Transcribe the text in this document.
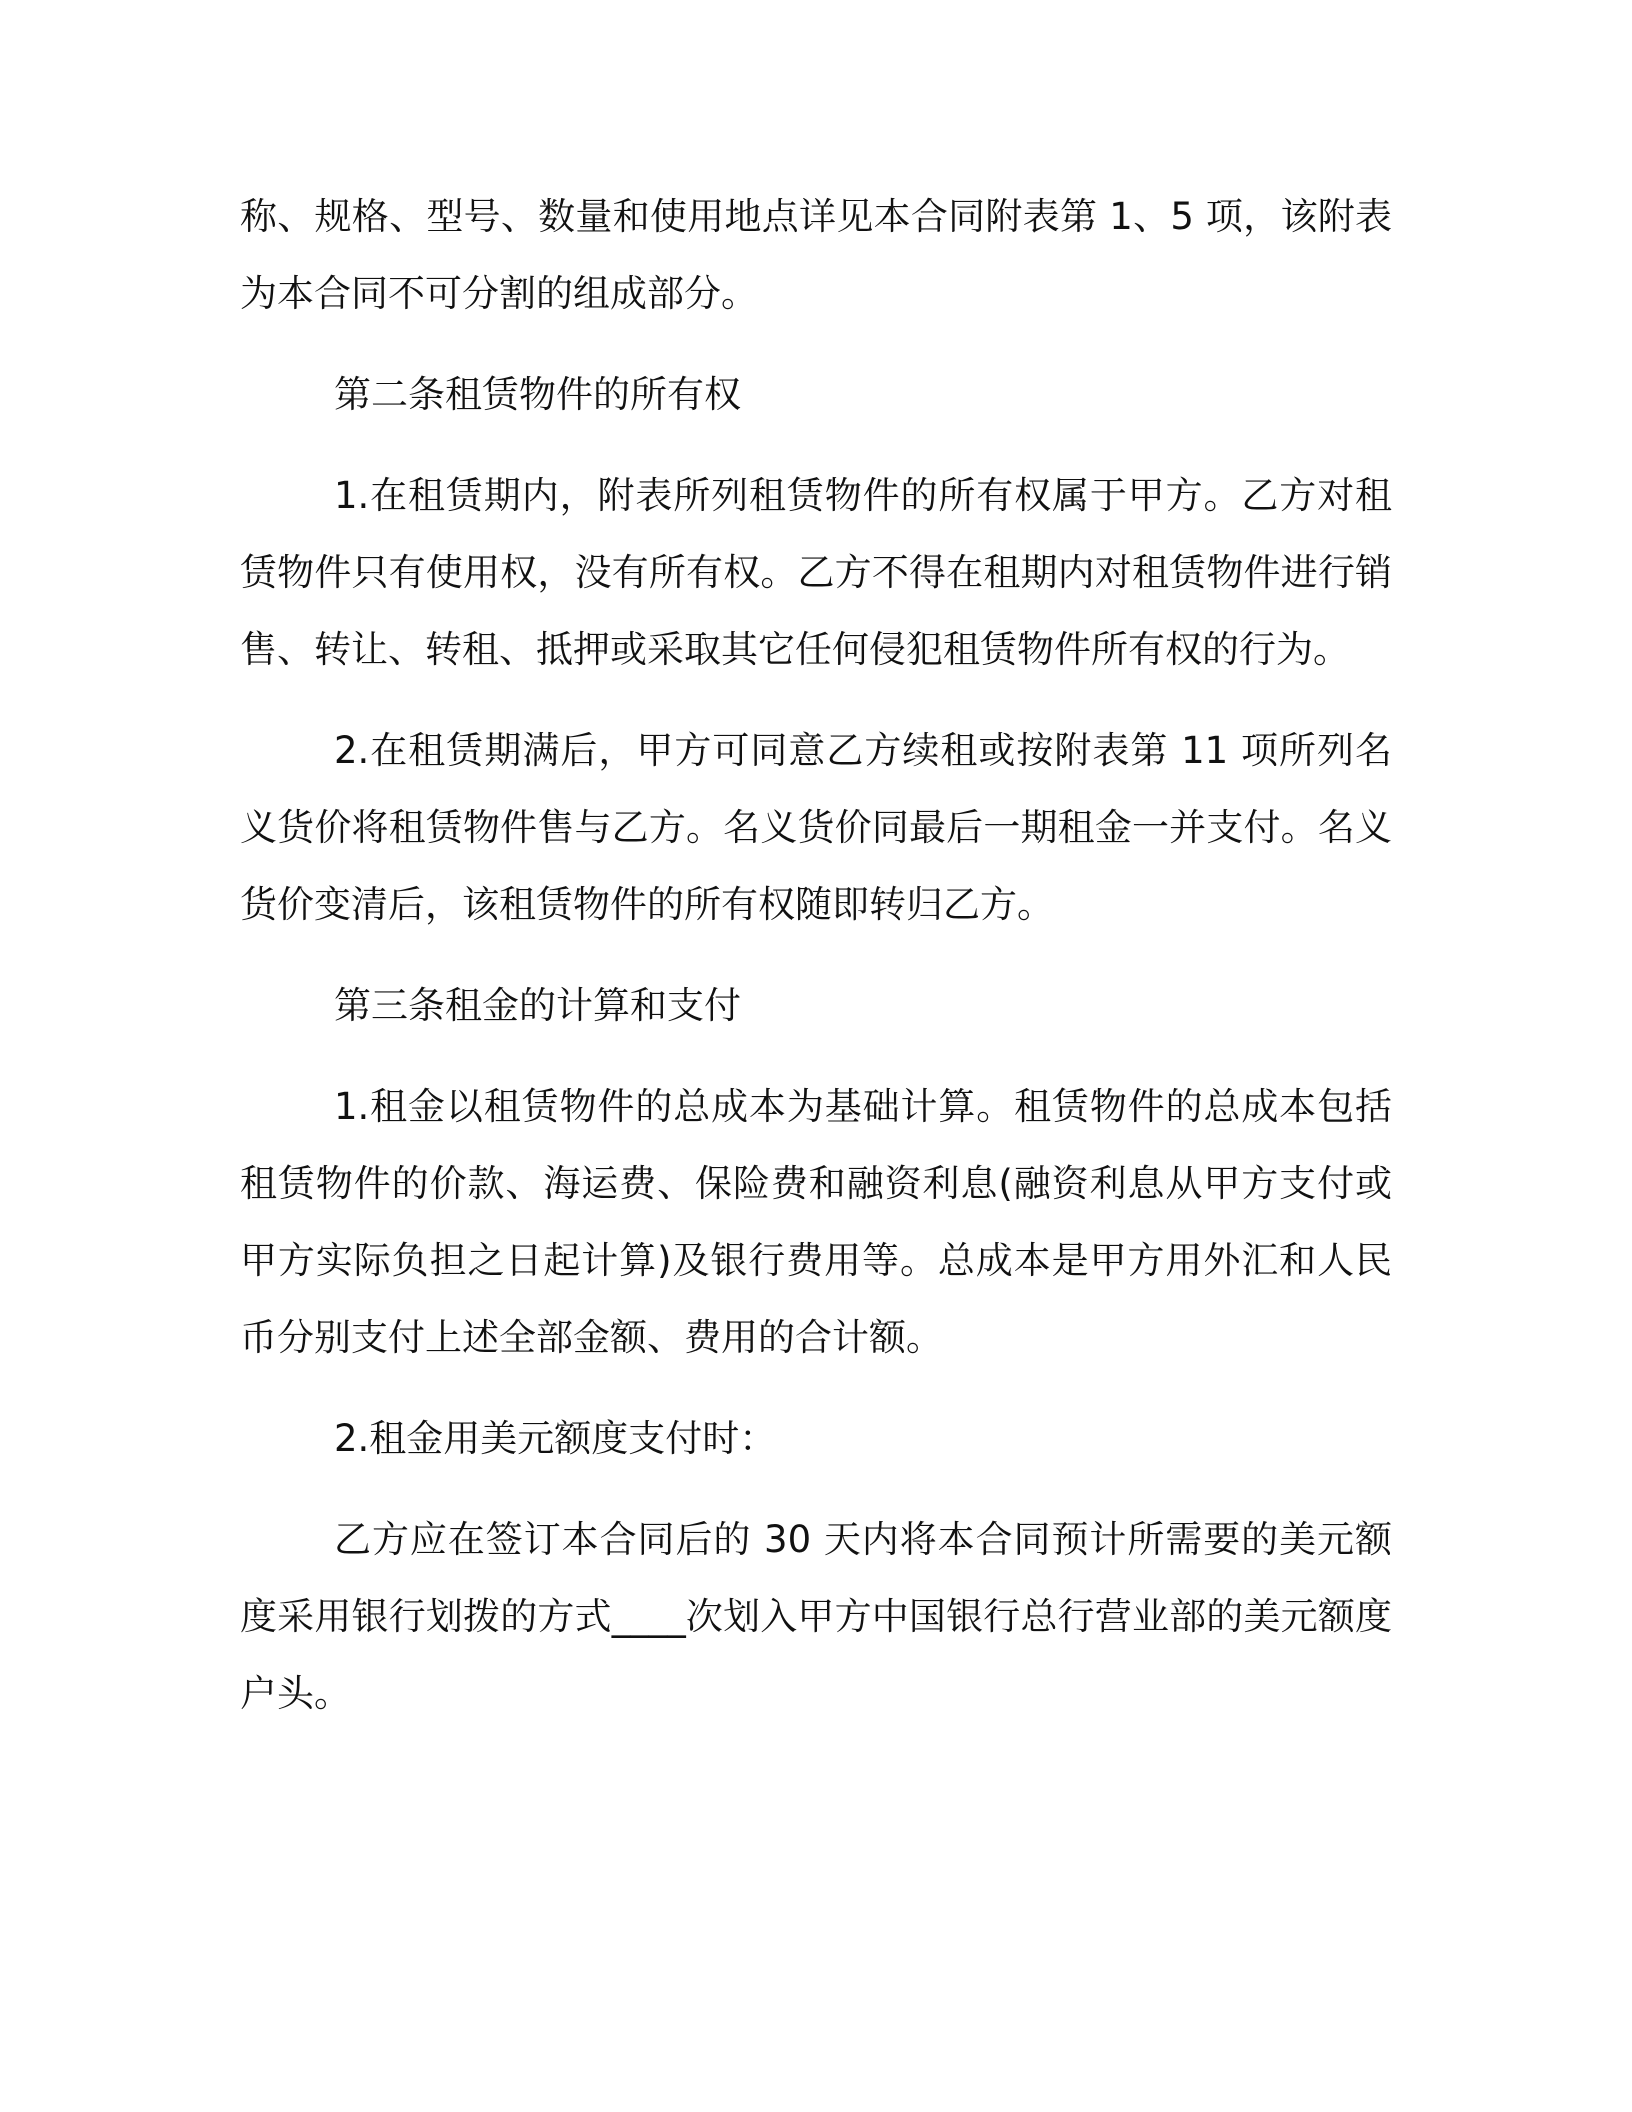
称、规格、型号、数量和使用地点详见本合同附表第 1、5 项，该附表为本合同不可分割的组成部分。

第二条租赁物件的所有权

1.在租赁期内，附表所列租赁物件的所有权属于甲方。乙方对租赁物件只有使用权，没有所有权。乙方不得在租期内对租赁物件进行销售、转让、转租、抵押或采取其它任何侵犯租赁物件所有权的行为。

2.在租赁期满后，甲方可同意乙方续租或按附表第 11 项所列名义货价将租赁物件售与乙方。名义货价同最后一期租金一并支付。名义货价变清后，该租赁物件的所有权随即转归乙方。

第三条租金的计算和支付

1.租金以租赁物件的总成本为基础计算。租赁物件的总成本包括租赁物件的价款、海运费、保险费和融资利息(融资利息从甲方支付或甲方实际负担之日起计算)及银行费用等。总成本是甲方用外汇和人民币分别支付上述全部金额、费用的合计额。

2.租金用美元额度支付时：

乙方应在签订本合同后的 30 天内将本合同预计所需要的美元额度采用银行划拨的方式____次划入甲方中国银行总行营业部的美元额度户头。
